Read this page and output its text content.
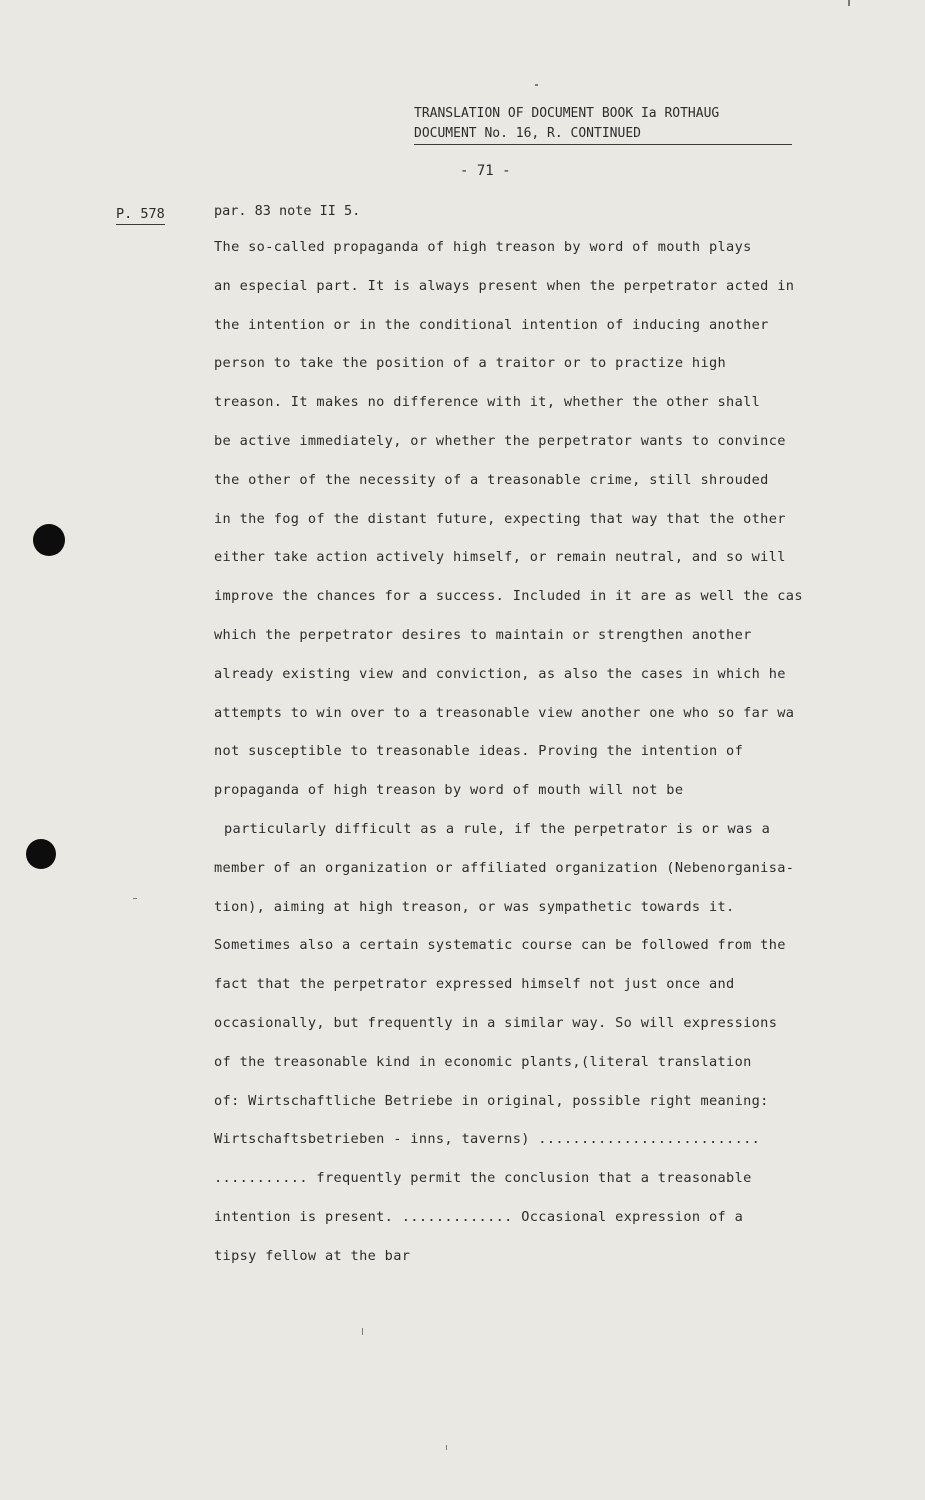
TRANSLATION OF DOCUMENT BOOK Ia ROTHAUG
DOCUMENT No. 16, R. CONTINUED
- 71 -
P. 578	par. 83 note II 5.
The so-called propaganda of high treason by word of mouth plays
an especial part. It is always present when the perpetrator acted in
the intention or in the conditional intention of inducing another
person to take the position of a traitor or to practize high
treason. It makes no difference with it, whether the other shall
be active immediately, or whether the perpetrator wants to convince
the other of the necessity of a treasonable crime, still shrouded
in the fog of the distant future, expecting that way that the other
either take action actively himself, or remain neutral, and so will
improve the chances for a success. Included in it are as well the cas
which the perpetrator desires to maintain or strengthen another
already existing view and conviction, as also the cases in which he
attempts to win over to a treasonable view another one who so far wa
not susceptible to treasonable ideas. Proving the intention of
propaganda of high treason by word of mouth will not be
particularly difficult as a rule, if the perpetrator is or was a
member of an organization or affiliated organization (Nebenorganisa-
tion), aiming at high treason, or was sympathetic towards it.
Sometimes also a certain systematic course can be followed from the
fact that the perpetrator expressed himself not just once and
occasionally, but frequently in a similar way. So will expressions
of the treasonable kind in economic plants,(literal translation
of: Wirtschaftliche Betriebe in original, possible right meaning:
Wirtschaftsbetrieben - inns, taverns) ..........................
........... frequently permit the conclusion that a treasonable
intention is present. ............. Occasional expression of a
tipsy fellow at the bar
